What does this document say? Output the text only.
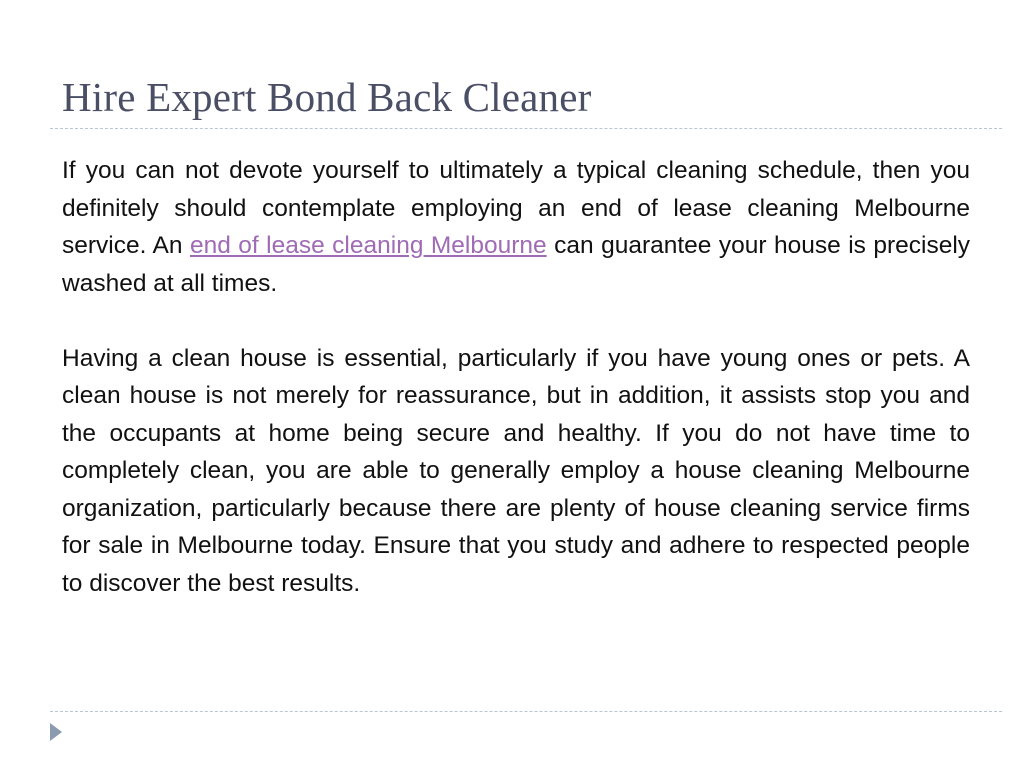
Hire Expert Bond Back Cleaner

If you can not devote yourself to ultimately a typical cleaning schedule, then you definitely should contemplate employing an end of lease cleaning Melbourne service. An end of lease cleaning Melbourne can guarantee your house is precisely washed at all times.

Having a clean house is essential, particularly if you have young ones or pets. A clean house is not merely for reassurance, but in addition, it assists stop you and the occupants at home being secure and healthy. If you do not have time to completely clean, you are able to generally employ a house cleaning Melbourne organization, particularly because there are plenty of house cleaning service firms for sale in Melbourne today. Ensure that you study and adhere to respected people to discover the best results.
